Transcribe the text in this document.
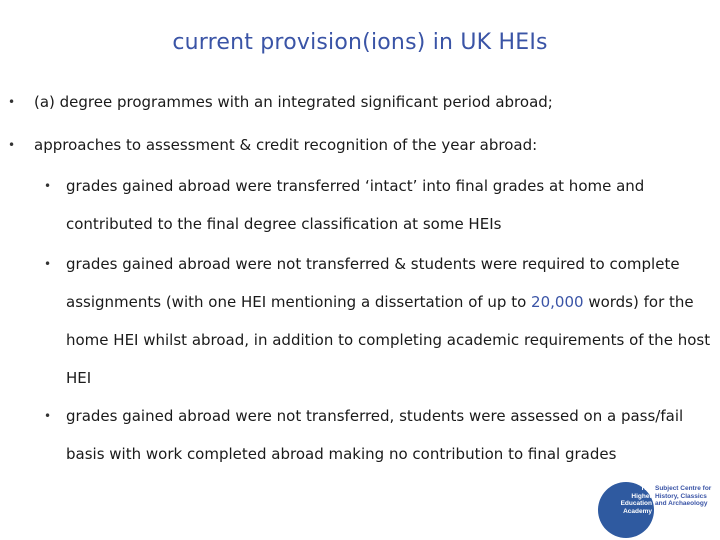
current provision(ions) in UK HEIs
• (a) degree programmes with an integrated significant period abroad;
• approaches to assessment & credit recognition of the year abroad:
• grades gained abroad were transferred ‘intact’ into final grades at home and contributed to the final degree classification at some HEIs
• grades gained abroad were not transferred & students were required to complete assignments (with one HEI mentioning a dissertation of up to 20,000 words) for the home HEI whilst abroad, in addition to completing academic requirements of the host HEI
• grades gained abroad were not transferred, students were assessed on a pass/fail basis with work completed abroad making no contribution to final grades
The
Higher
Education
Academy
Subject Centre for
History, Classics
and Archaeology
